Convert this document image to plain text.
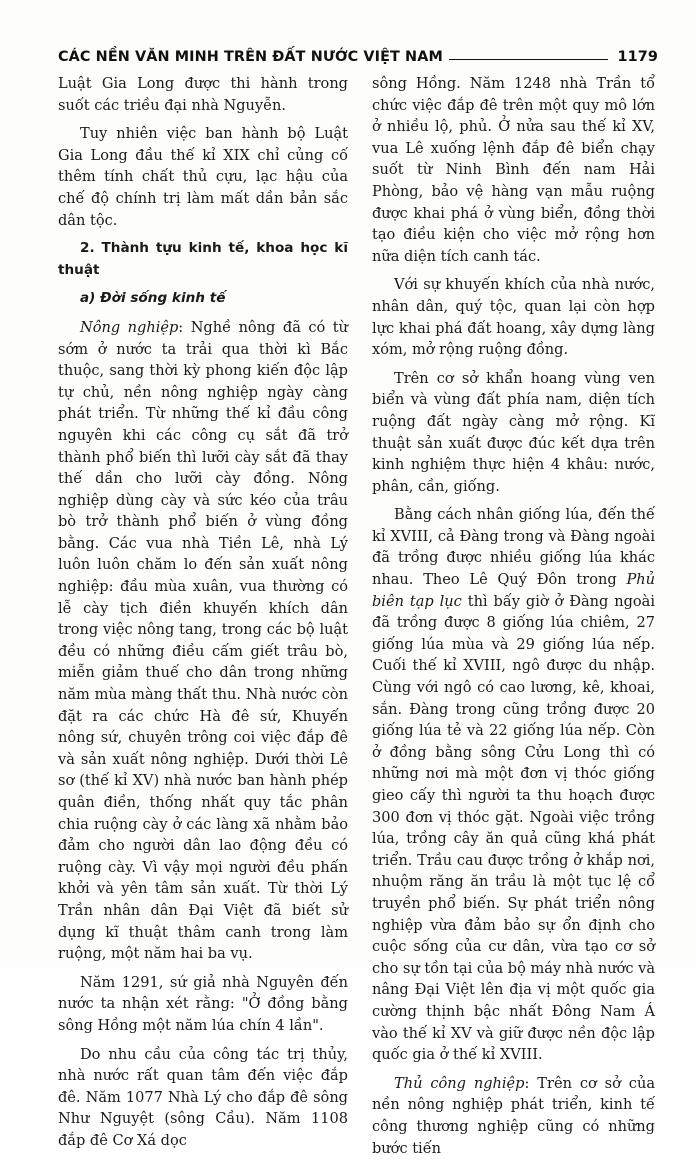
CÁC NỀN VĂN MINH TRÊN ĐẤT NƯỚC VIỆT NAM	1179

Luật Gia Long được thi hành trong suốt các triều đại nhà Nguyễn.

Tuy nhiên việc ban hành bộ Luật Gia Long đầu thế kỉ XIX chỉ củng cố thêm tính chất thủ cựu, lạc hậu của chế độ chính trị làm mất dần bản sắc dân tộc.

2. Thành tựu kinh tế, khoa học kĩ thuật

a) Đời sống kinh tế

Nông nghiệp: Nghề nông đã có từ sớm ở nước ta trải qua thời kì Bắc thuộc, sang thời kỳ phong kiến độc lập tự chủ, nền nông nghiệp ngày càng phát triển. Từ những thế kỉ đầu công nguyên khi các công cụ sắt đã trở thành phổ biến thì lưỡi cày sắt đã thay thế dần cho lưỡi cày đồng. Nông nghiệp dùng cày và sức kéo của trâu bò trở thành phổ biến ở vùng đồng bằng. Các vua nhà Tiền Lê, nhà Lý luôn luôn chăm lo đến sản xuất nông nghiệp: đầu mùa xuân, vua thường có lễ cày tịch điền khuyến khích dân trong việc nông tang, trong các bộ luật đều có những điều cấm giết trâu bò, miễn giảm thuế cho dân trong những năm mùa màng thất thu. Nhà nước còn đặt ra các chức Hà đê sứ, Khuyến nông sứ, chuyên trông coi việc đắp đê và sản xuất nông nghiệp. Dưới thời Lê sơ (thế kỉ XV) nhà nước ban hành phép quân điền, thống nhất quy tắc phân chia ruộng cày ở các làng xã nhằm bảo đảm cho người dân lao động đều có ruộng cày. Vì vậy mọi người đều phấn khởi và yên tâm sản xuất. Từ thời Lý Trần nhân dân Đại Việt đã biết sử dụng kĩ thuật thâm canh trong làm ruộng, một năm hai ba vụ.

Năm 1291, sứ giả nhà Nguyên đến nước ta nhận xét rằng: "Ở đồng bằng sông Hồng một năm lúa chín 4 lần".

Do nhu cầu của công tác trị thủy, nhà nước rất quan tâm đến việc đắp đê. Năm 1077 Nhà Lý cho đắp đê sông Như Nguyệt (sông Cầu). Năm 1108 đắp đê Cơ Xá dọc

sông Hồng. Năm 1248 nhà Trần tổ chức việc đắp đê trên một quy mô lớn ở nhiều lộ, phủ. Ở nửa sau thế kỉ XV, vua Lê xuống lệnh đắp đê biển chạy suốt từ Ninh Bình đến nam Hải Phòng, bảo vệ hàng vạn mẫu ruộng được khai phá ở vùng biển, đồng thời tạo điều kiện cho việc mở rộng hơn nữa diện tích canh tác.

Với sự khuyến khích của nhà nước, nhân dân, quý tộc, quan lại còn hợp lực khai phá đất hoang, xây dựng làng xóm, mở rộng ruộng đồng.

Trên cơ sở khẩn hoang vùng ven biển và vùng đất phía nam, diện tích ruộng đất ngày càng mở rộng. Kĩ thuật sản xuất được đúc kết dựa trên kinh nghiệm thực hiện 4 khâu: nước, phân, cần, giống.

Bằng cách nhân giống lúa, đến thế kỉ XVIII, cả Đàng trong và Đàng ngoài đã trồng được nhiều giống lúa khác nhau. Theo Lê Quý Đôn trong Phủ biên tạp lục thì bấy giờ ở Đàng ngoài đã trồng được 8 giống lúa chiêm, 27 giống lúa mùa và 29 giống lúa nếp. Cuối thế kỉ XVIII, ngô được du nhập. Cùng với ngô có cao lương, kê, khoai, sắn. Đàng trong cũng trồng được 20 giống lúa tẻ và 22 giống lúa nếp. Còn ở đồng bằng sông Cửu Long thì có những nơi mà một đơn vị thóc giống gieo cấy thì người ta thu hoạch được 300 đơn vị thóc gặt. Ngoài việc trồng lúa, trồng cây ăn quả cũng khá phát triển. Trầu cau được trồng ở khắp nơi, nhuộm răng ăn trầu là một tục lệ cổ truyền phổ biến. Sự phát triển nông nghiệp vừa đảm bảo sự ổn định cho cuộc sống của cư dân, vừa tạo cơ sở cho sự tồn tại của bộ máy nhà nước và nâng Đại Việt lên địa vị một quốc gia cường thịnh bậc nhất Đông Nam Á vào thế kỉ XV và giữ được nền độc lập quốc gia ở thế kỉ XVIII.

Thủ công nghiệp: Trên cơ sở của nền nông nghiệp phát triển, kinh tế công thương nghiệp cũng có những bước tiến
